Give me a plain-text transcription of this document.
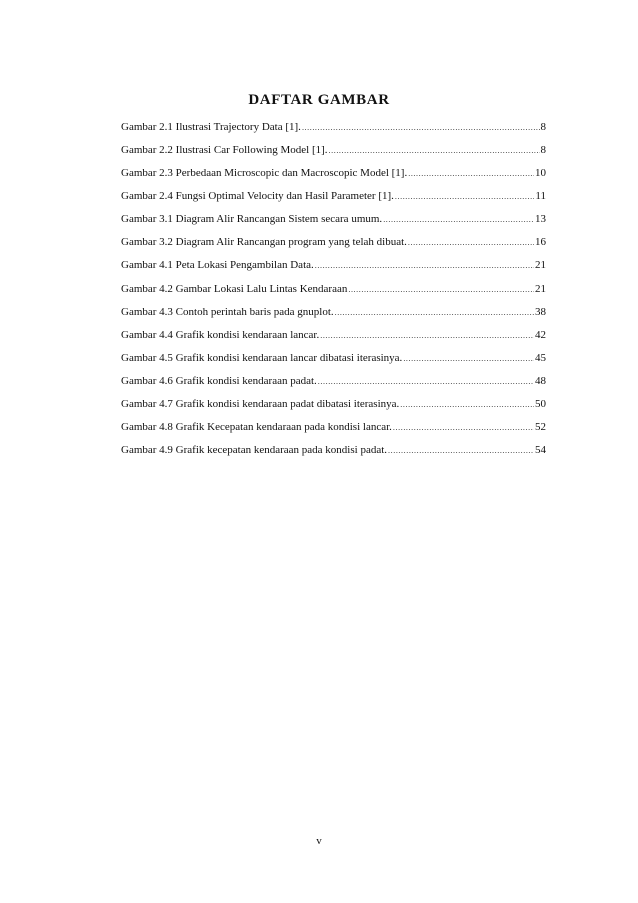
DAFTAR GAMBAR
Gambar 2.1 Ilustrasi Trajectory Data [1]. .....	8
Gambar 2.2 Ilustrasi Car Following Model [1]. .....	8
Gambar 2.3 Perbedaan Microscopic dan Macroscopic Model [1]. .....	10
Gambar 2.4 Fungsi Optimal Velocity dan Hasil Parameter [1]. .....	11
Gambar 3.1 Diagram Alir Rancangan Sistem secara umum. .....	13
Gambar 3.2 Diagram Alir Rancangan program yang telah dibuat. .....	16
Gambar 4.1 Peta Lokasi Pengambilan Data. .....	21
Gambar 4.2 Gambar Lokasi Lalu Lintas Kendaraan .....	21
Gambar 4.3 Contoh perintah baris pada gnuplot. .....	38
Gambar 4.4 Grafik kondisi kendaraan lancar. .....	42
Gambar 4.5 Grafik kondisi kendaraan lancar dibatasi iterasinya. .....	45
Gambar 4.6 Grafik kondisi kendaraan padat. .....	48
Gambar 4.7 Grafik kondisi kendaraan padat dibatasi iterasinya. .....	50
Gambar 4.8 Grafik Kecepatan kendaraan pada kondisi lancar. .....	52
Gambar 4.9 Grafik kecepatan kendaraan pada kondisi padat. .....	54
v
